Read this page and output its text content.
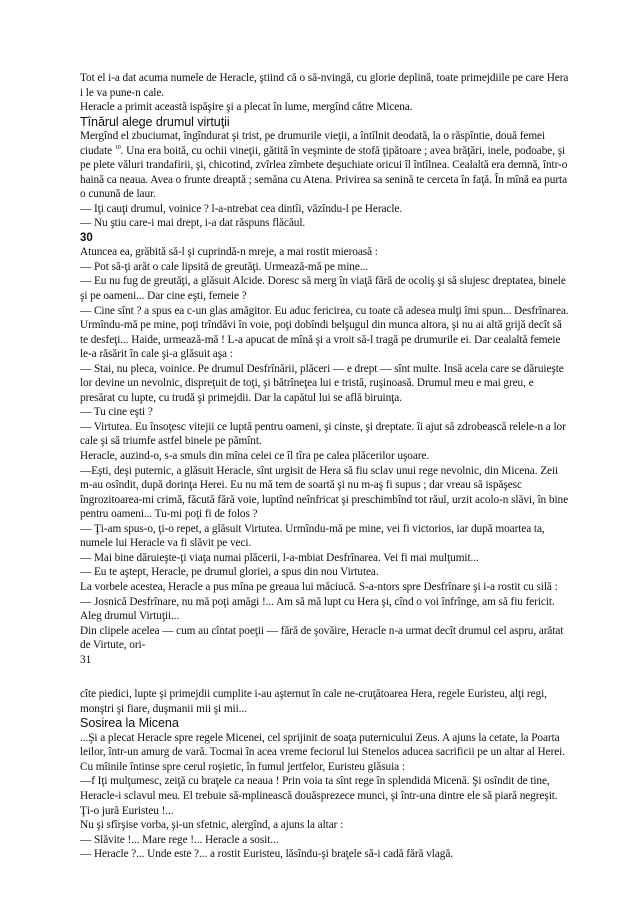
Tot el i-a dat acuma numele de Heracle, ştiind că o să-nvingă, cu glorie deplină, toate primejdiile pe care Hera i le va pune-n cale.

Heracle a primit această ispăşire şi a plecat în lume, mergînd către Micena.

Tînărul alege drumul virtuţii

Mergînd el zbuciumat, îngîndurat şi trist, pe drumurile vieţii, a întîlnit deodată, la o răspîntie, două femei ciudate $^{10}$. Una era boită, cu ochii vineţii, gătită în veşminte de stofă ţipătoare ; avea brăţări, inele, podoabe, şi pe plete văluri trandafirii, şi, chicotind, zvîrlea zîmbete deşuchiate oricui îl întîlnea. Cealaltă era demnă, într-o haină ca neaua. Avea o frunte dreaptă ; semăna cu Atena. Privirea sa senină te cerceta în faţă. În mînă ea purta o cunună de laur.

— Iţi cauţi drumul, voinice ? l-a-ntrebat cea dintîi, văzîndu-l pe Heracle.

— Nu ştiu care-i mai drept, i-a dat răspuns flăcăul.

30

Atuncea ea, grăbită să-l şi cuprindă-n mreje, a mai rostit mieroasă :

— Pot să-ţi arăt o cale lipsită de greutăţi. Urmează-mă pe mine...

— Eu nu fug de greutăţi, a glăsuit Alcide. Doresc să merg în viaţă fără de ocoliş şi să slujesc dreptatea, binele şi pe oameni... Dar cine eşti, femeie ?

— Cine sînt ? a spus ea c-un glas amăgitor. Eu aduc fericirea, cu toate că adesea mulţi îmi spun... Desfrînarea. Urmîndu-mă pe mine, poţi trîndăvi în voie, poţi dobîndi belşugul din munca altora, şi nu ai altă grijă decît să te desfeţi... Haide, urmează-mă ! L-a apucat de mînă şi a vroit să-l tragă pe drumurile ei. Dar cealaltă femeie le-a răsărit în cale şi-a glăsuit aşa :

— Stai, nu pleca, voinice. Pe drumul Desfrînării, plăceri — e drept — sînt multe. Insă acela care se dăruieşte lor devine un nevolnic, dispreţuit de toţi, şi bătrîneţea lui e tristă, ruşinoasă. Drumul meu e mai greu, e presărat cu lupte, cu trudă şi primejdii. Dar la capătul lui se află biruinţa.

— Tu cine eşti ?

— Virtutea. Eu însoţesc vitejii ce luptă pentru oameni, şi cinste, şi dreptate. îi ajut să zdrobească relele-n a lor cale şi să triumfe astfel binele pe pămînt.

Heracle, auzind-o, s-a smuls din mîna celei ce îl tîra pe calea plăcerilor uşoare.

—Eşti, deşi puternic, a glăsuit Heracle, sînt urgisit de Hera să fiu sclav unui rege nevolnic, din Micena. Zeii m-au osîndit, după dorinţa Herei. Eu nu mă tem de soartă şi nu m-aş fi supus ; dar vreau să ispăşesc îngrozitoarea-mi crimă, făcută fără voie, luptînd neînfricat şi preschimbînd tot răul, urzit acolo-n slăvi, în bine pentru oameni... Tu-mi poţi fi de folos ?

— Ţi-am spus-o, ţi-o repet, a glăsuit Virtutea. Urmîndu-mă pe mine, vei fi victorios, iar după moartea ta, numele lui Heracle va fi slăvit pe veci.

— Mai bine dăruieşte-ţi viaţa numai plăcerii, l-a-mbiat Desfrînarea. Vei fi mai mulţumit...

— Eu te aştept, Heracle, pe drumul gloriei, a spus din nou Virtutea.

La vorbele acestea, Heracle a pus mîna pe greaua lui măciucă. S-a-ntors spre Desfrînare şi i-a rostit cu silă :

— Josnică Desfrînare, nu mă poţi amăgi !... Am să mă lupt cu Hera şi, cînd o voi înfrînge, am să fiu fericit. Aleg drumul Virtuţii...

Din clipele acelea — cum au cîntat poeţii — fără de şovăire, Heracle n-a urmat decît drumul cel aspru, arătat de Virtute, ori-

31

cîte piedici, lupte şi primejdii cumplite i-au aşternut în cale ne-cruţătoarea Hera, regele Euristeu, alţi regi, monştri şi fiare, duşmanii mii şi mii...

Sosirea la Micena

...Şi a plecat Heracle spre regele Micenei, cel sprijinit de soaţa puternicului Zeus. A ajuns la cetate, la Poarta leilor, într-un amurg de vară. Tocmai în acea vreme feciorul lui Stenelos aducea sacrificii pe un altar al Herei. Cu mîinile întinse spre cerul roşietic, în fumul jertfelor, Euristeu glăsuia :

—f Iţi mulţumesc, zeiţă cu braţele ca neaua ! Prin voia ta sînt rege în splendida Micenă. Şi osîndit de tine, Heracle-i sclavul meu. El trebuie să-mplinească douăsprezece munci, şi într-una dintre ele să piară negreşit. Ţi-o jură Euristeu !...

Nu şi sfîrşise vorba, şi-un sfetnic, alergînd, a ajuns la altar :

— Slăvite !... Mare rege !... Heracle a sosit...

— Heracle ?... Unde este ?... a rostit Euristeu, lăsîndu-şi braţele să-i cadă fără vlagă.
